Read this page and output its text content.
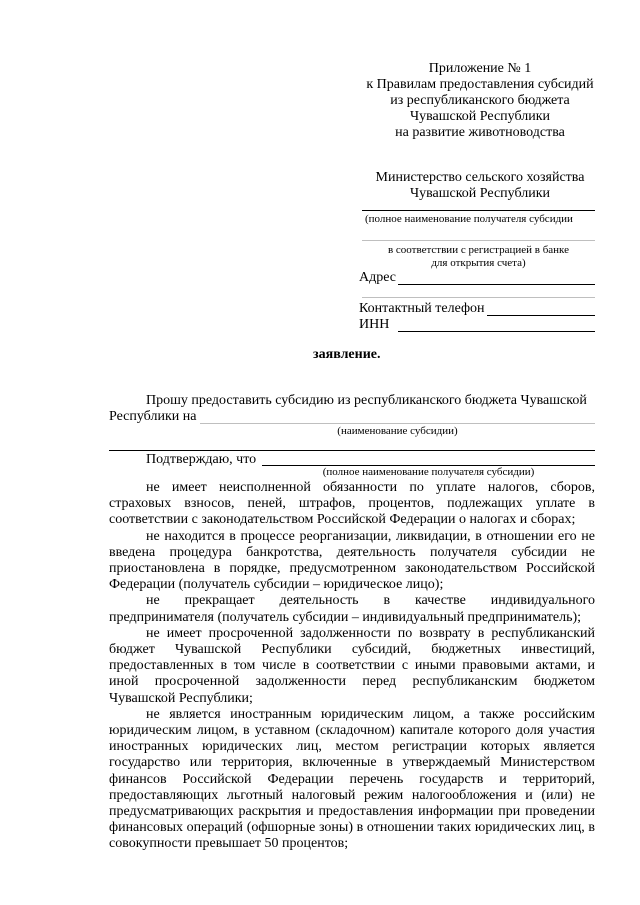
Приложение № 1
к Правилам предоставления субсидий
из республиканского бюджета
Чувашской Республики
на развитие животноводства
Министерство сельского хозяйства
Чувашской Республики
(полное наименование получателя субсидии
в соответствии с регистрацией в банке
для открытия счета)
Адрес
Контактный телефон
ИНН
заявление.
Прошу предоставить субсидию из республиканского бюджета Чувашской
Республики на
(наименование субсидии)
Подтверждаю, что
(полное наименование получателя субсидии)

не имеет неисполненной обязанности по уплате налогов, сборов, страховых взносов, пеней, штрафов, процентов, подлежащих уплате в соответствии с законодательством Российской Федерации о налогах и сборах;

не находится в процессе реорганизации, ликвидации, в отношении его не введена процедура банкротства, деятельность получателя субсидии не приостановлена в порядке, предусмотренном законодательством Российской Федерации (получатель субсидии – юридическое лицо);

не прекращает деятельность в качестве индивидуального предпринимателя (получатель субсидии – индивидуальный предприниматель);

не имеет просроченной задолженности по возврату в республиканский бюджет Чувашской Республики субсидий, бюджетных инвестиций, предоставленных в том числе в соответствии с иными правовыми актами, и иной просроченной задолженности перед республиканским бюджетом Чувашской Республики;

не является иностранным юридическим лицом, а также российским юридическим лицом, в уставном (складочном) капитале которого доля участия иностранных юридических лиц, местом регистрации которых является государство или территория, включенные в утверждаемый Министерством финансов Российской Федерации перечень государств и территорий, предоставляющих льготный налоговый режим налогообложения и (или) не предусматривающих раскрытия и предоставления информации при проведении финансовых операций (офшорные зоны) в отношении таких юридических лиц, в совокупности превышает 50 процентов;
